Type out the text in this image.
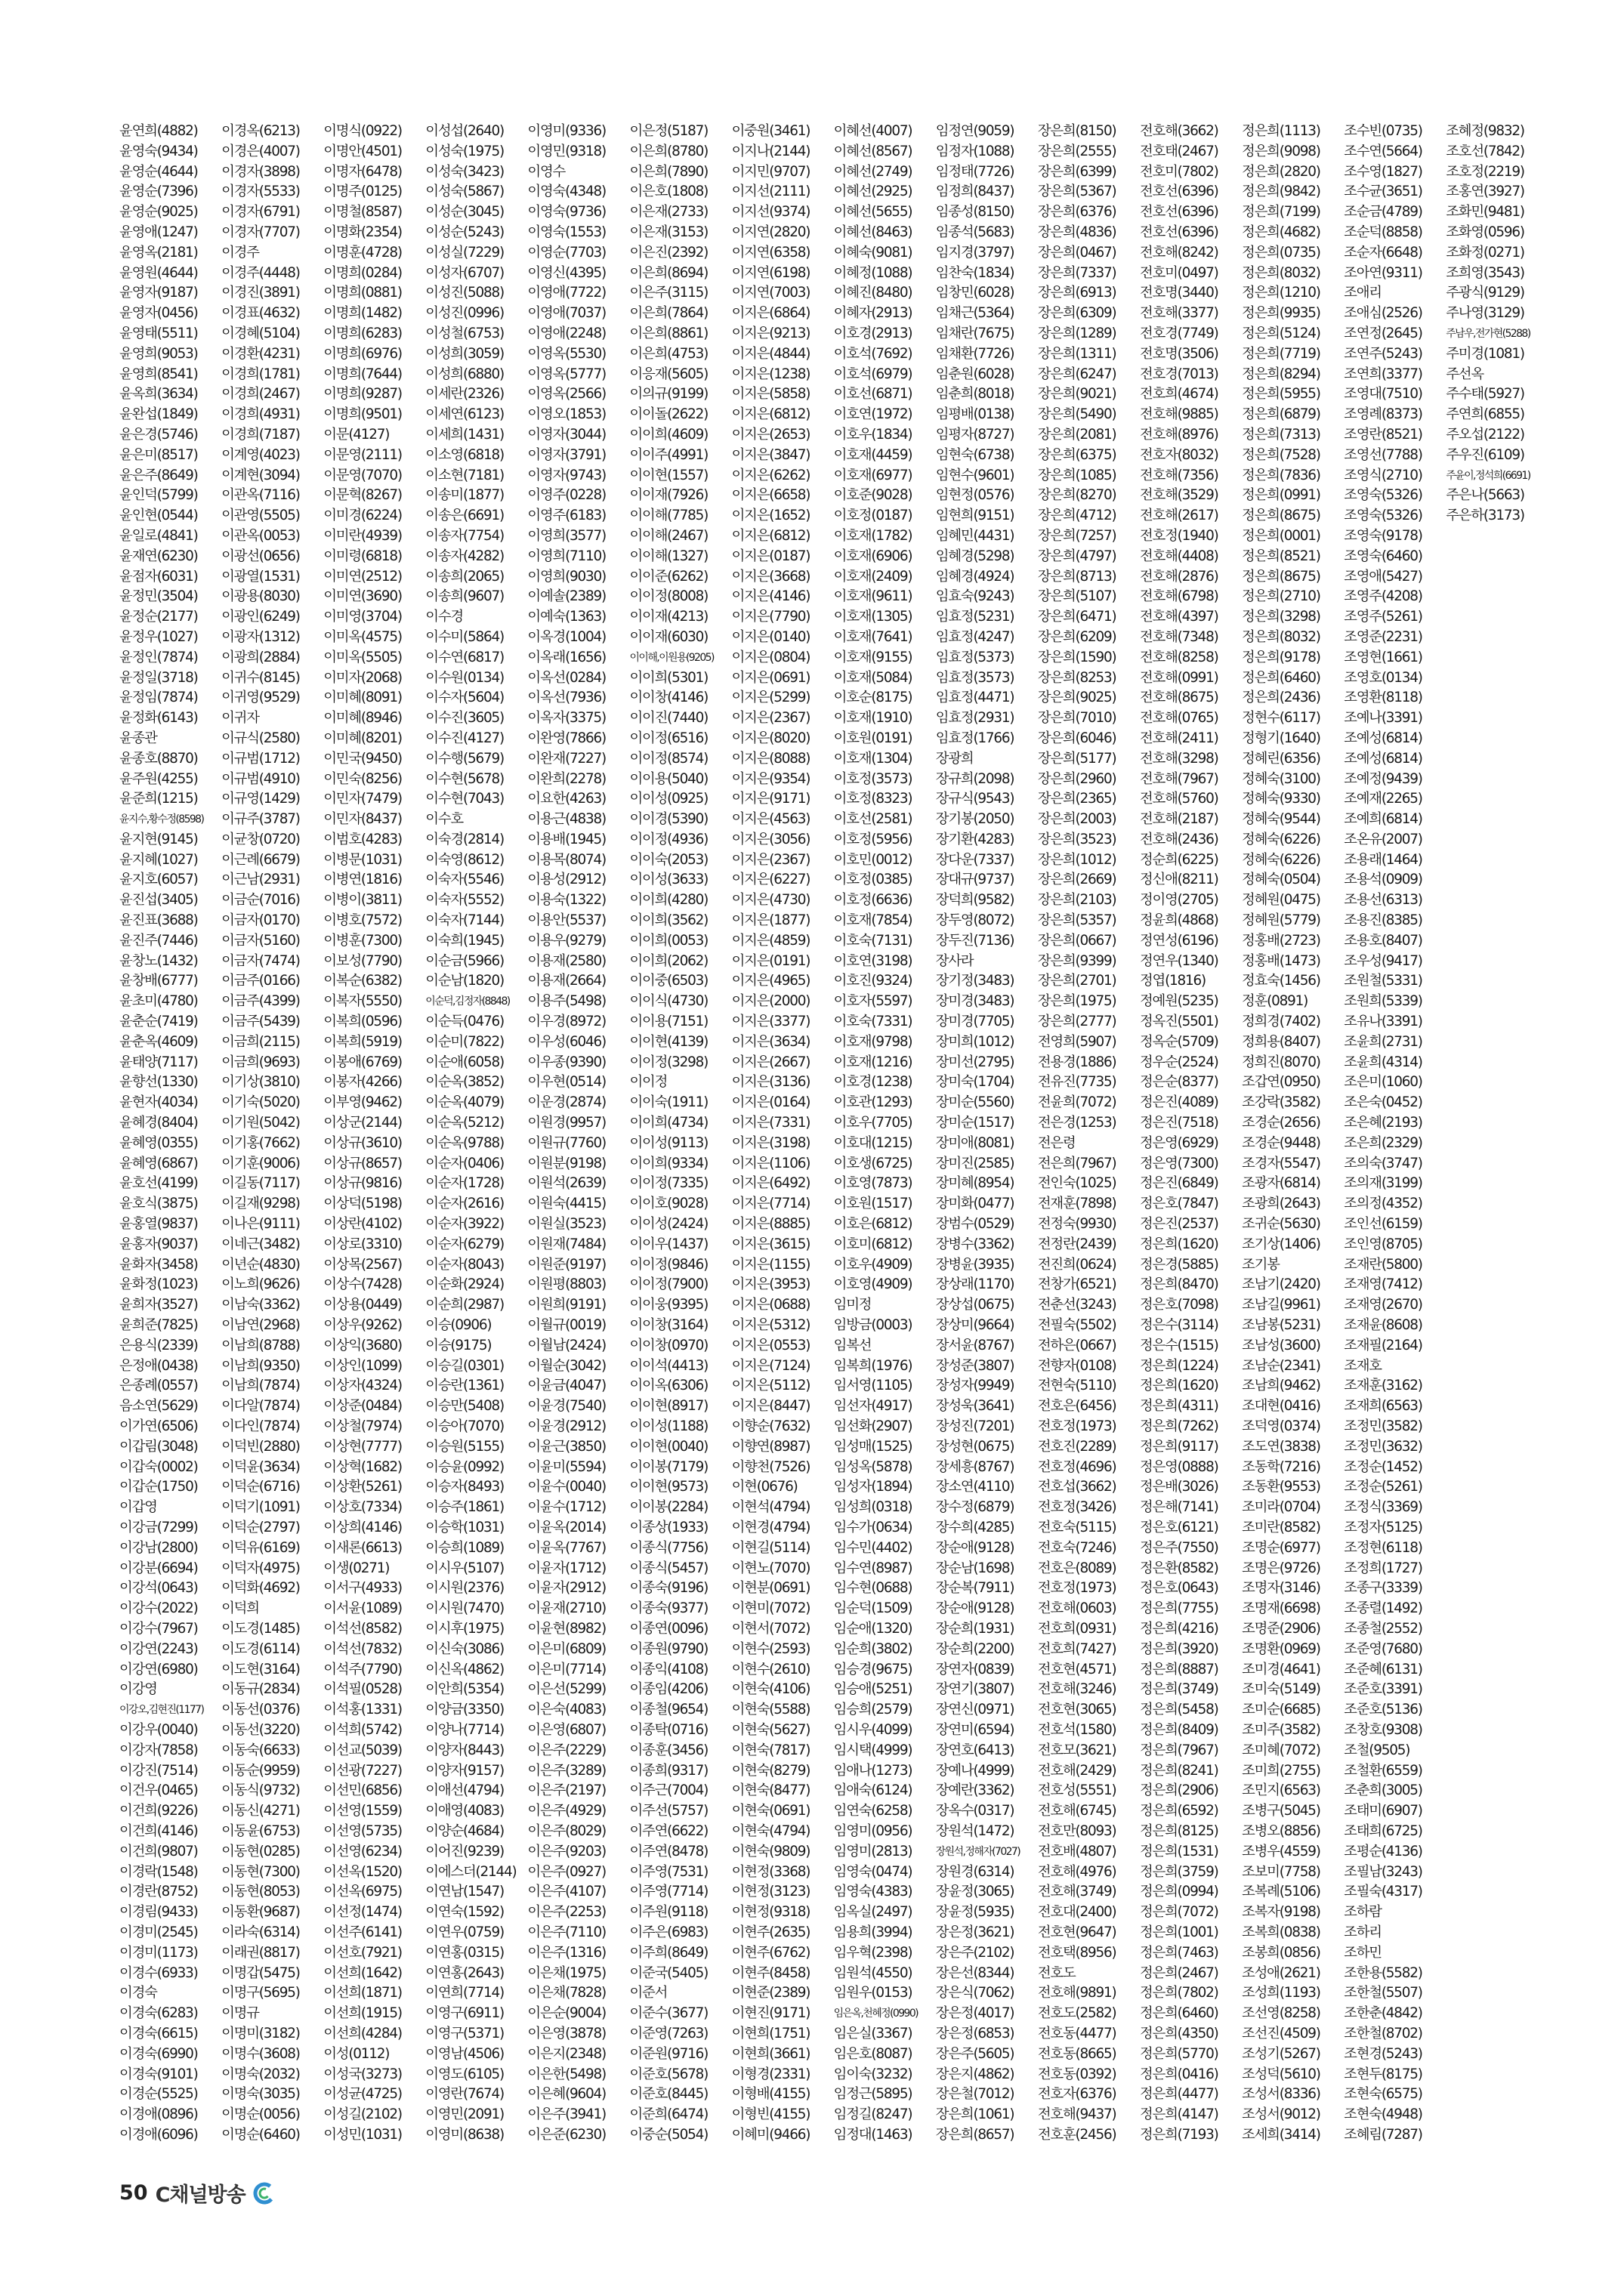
윤연희(4882)
윤영숙(9434)
윤영순(4644)
윤영순(7396)
윤영순(9025)
윤영애(1247)
윤영옥(2181)
윤영원(4644)
윤영자(9187)
윤영자(0456)
윤영태(5511)
윤영희(9053)
윤영희(8541)
윤옥희(3634)
윤완섭(1849)
윤은경(5746)
윤은미(8517)
윤은주(8649)
윤인덕(5799)
윤인현(0544)
윤일로(4841)
윤재연(6230)
윤점자(6031)
윤정민(3504)
윤정순(2177)
윤정우(1027)
윤정인(7874)
윤정일(3718)
윤정임(7874)
윤정화(6143)
윤종관
윤종호(8870)
윤주원(4255)
윤준희(1215)
윤지수,황수정(8598)
윤지현(9145)
윤지혜(1027)
윤지호(6057)
윤진섭(3405)
윤진표(3688)
윤진주(7446)
윤창노(1432)
윤창배(6777)
윤초미(4780)
윤춘순(7419)
윤춘옥(4609)
윤태양(7117)
윤향선(1330)
윤현자(4034)
윤혜경(8404)
윤혜영(0355)
윤혜영(6867)
윤호선(4199)
윤호식(3875)
윤홍열(9837)
윤홍자(9037)
윤화자(3458)
윤화정(1023)
윤희자(3527)
윤희준(7825)
은용식(2339)
은정애(0438)
은종례(0557)
음소연(5629)
이가연(6506)
이갑림(3048)
이갑숙(0002)
이갑순(1750)
이갑영
이강금(7299)
이강남(2800)
이강분(6694)
이강석(0643)
이강수(2022)
이강수(7967)
이강연(2243)
이강연(6980)
이강영
이강오,김현진(1177)
이강우(0040)
이강자(7858)
이강진(7514)
이건우(0465)
이건희(9226)
이건희(4146)
이건희(9807)
이경락(1548)
이경란(8752)
이경림(9433)
이경미(2545)
이경미(1173)
이경수(6933)
이경숙
이경숙(6283)
이경숙(6615)
이경숙(6990)
이경숙(9101)
이경순(5525)
이경애(0896)
이경애(6096)
이경옥(6213)
이경은(4007)
이경자(3898)
이경자(5533)
이경자(6791)
이경자(7707)
이경주
이경주(4448)
이경진(3891)
이경표(4632)
이경혜(5104)
이경환(4231)
이경희(1781)
이경희(2467)
이경희(4931)
이경희(7187)
이계영(4023)
이계현(3094)
이관옥(7116)
이관영(5505)
이관옥(0053)
이광선(0656)
이광열(1531)
이광용(8030)
이광인(6249)
이광자(1312)
이광희(2884)
이귀수(8145)
이귀영(9529)
이귀자
이규식(2580)
이규범(1712)
이규범(4910)
이규영(1429)
이규주(3787)
이균창(0720)
이근례(6679)
이근남(2931)
이금순(7016)
이금자(0170)
이금자(5160)
이금자(7474)
이금주(0166)
이금주(4399)
이금주(5439)
이금희(2115)
이금희(9693)
이기상(3810)
이기숙(5020)
이기원(5042)
이기홍(7662)
이기훈(9006)
이길동(7117)
이길재(9298)
이나은(9111)
이네근(3482)
이년순(4830)
이노희(9626)
이남숙(3362)
이남연(2968)
이남희(8788)
이남희(9350)
이남희(7874)
이다알(7874)
이다인(7874)
이덕빈(2880)
이덕윤(3634)
이덕순(6716)
이덕기(1091)
이덕순(2797)
이덕유(6169)
이덕자(4975)
이덕화(4692)
이덕희
이도경(1485)
이도경(6114)
이도현(3164)
이동규(2834)
이동선(0376)
이동선(3220)
이동숙(6633)
이동순(9959)
이동식(9732)
이동신(4271)
이동윤(6753)
이동현(0285)
이동현(7300)
이동현(8053)
이동환(9687)
이라숙(6314)
이래권(8817)
이명갑(5475)
이명구(5695)
이명규
이명미(3182)
이명수(3608)
이명숙(2032)
이명숙(3035)
이명순(0056)
이명순(6460)
이명식(0922)
이명안(4501)
이명자(6478)
이명주(0125)
이명철(8587)
이명화(2354)
이명훈(4728)
이명희(0284)
이명희(0881)
이명희(1482)
이명희(6283)
이명희(6976)
이명희(7644)
이명희(9287)
이명희(9501)
이문(4127)
이문영(2111)
이문영(7070)
이문혁(8267)
이미경(6224)
이미란(4939)
이미령(6818)
이미연(2512)
이미연(3690)
이미영(3704)
이미옥(4575)
이미옥(5505)
이미자(2068)
이미혜(8091)
이미혜(8946)
이미혜(8201)
이민국(9450)
이민숙(8256)
이민자(7479)
이민자(8437)
이범호(4283)
이병문(1031)
이병연(1816)
이병이(3811)
이병호(7572)
이병훈(7300)
이보성(7790)
이복순(6382)
이복자(5550)
이복희(0596)
이복희(5919)
이봉애(6769)
이봉자(4266)
이부영(9462)
이상군(2144)
이상규(3610)
이상규(8657)
이상규(9816)
이상덕(5198)
이상란(4102)
이상로(3310)
이상목(2567)
이상수(7428)
이상용(0449)
이상우(9262)
이상익(3680)
이상인(1099)
이상자(4324)
이상준(0484)
이상철(7974)
이상현(7777)
이상혁(1682)
이상환(5261)
이상호(7334)
이상희(4146)
이새론(6613)
이생(0271)
이서구(4933)
이서윤(1089)
이석선(8582)
이석선(7832)
이석주(7790)
이석필(0528)
이석홍(1331)
이석희(5742)
이선교(5039)
이선광(7227)
이선민(6856)
이선영(1559)
이선영(5735)
이선영(6234)
이선옥(1520)
이선옥(6975)
이선정(1474)
이선주(6141)
이선호(7921)
이선희(1642)
이선희(1871)
이선희(1915)
이선희(4284)
이성(0112)
이성국(3273)
이성균(4725)
이성길(2102)
이성민(1031)
이성섭(2640)
이성숙(1975)
이성숙(3423)
이성숙(5867)
이성순(3045)
이성순(5243)
이성실(7229)
이성자(6707)
이성진(5088)
이성진(0996)
이성철(6753)
이성희(3059)
이성희(6880)
이세란(2326)
이세연(6123)
이세희(1431)
이소영(6818)
이소현(7181)
이송미(1877)
이송은(6691)
이송자(7754)
이송자(4282)
이송희(2065)
이송희(9607)
이수경
이수미(5864)
이수연(6817)
이수원(0134)
이수자(5604)
이수진(3605)
이수진(4127)
이수행(5679)
이수현(5678)
이수현(7043)
이수호
이숙경(2814)
이숙영(8612)
이숙자(5546)
이숙자(5552)
이숙자(7144)
이숙희(1945)
이순금(5966)
이순남(1820)
이순덕,김정자(8848)
이순득(0476)
이순미(7822)
이순애(6058)
이순옥(3852)
이순옥(4079)
이순옥(5212)
이순옥(9788)
이순자(0406)
이순자(1728)
이순자(2616)
이순자(3922)
이순자(6279)
이순자(8043)
이순화(2924)
이순희(2987)
이승(0906)
이승(9175)
이승길(0301)
이승란(1361)
이승만(5408)
이승아(7070)
이승원(5155)
이승윤(0992)
이승자(8493)
이승주(1861)
이승학(1031)
이승희(1089)
이시우(5107)
이시원(2376)
이시원(7470)
이시후(1975)
이신숙(3086)
이신옥(4862)
이안희(5354)
이양금(3350)
이양나(7714)
이양자(8443)
이양자(9157)
이애선(4794)
이애영(4083)
이양순(4684)
이어진(9239)
이에스더(2144)
이연남(1547)
이연숙(1592)
이연우(0759)
이연홍(0315)
이연홍(2643)
이연희(7714)
이영구(6911)
이영구(5371)
이영남(4506)
이영도(6105)
이영란(7674)
이영민(2091)
이영미(8638)
이영미(9336)
이영민(9318)
이영수
이영숙(4348)
이영숙(9736)
이영숙(1553)
이영순(7703)
이영신(4395)
이영애(7722)
이영애(7037)
이영애(2248)
이영옥(5530)
이영옥(5777)
이영옥(2566)
이영오(1853)
이영자(3044)
이영자(3791)
이영자(9743)
이영주(0228)
이영주(6183)
이영희(3577)
이영희(7110)
이영희(9030)
이예솔(2389)
이예숙(1363)
이옥경(1004)
이옥래(1656)
이옥선(0284)
이옥선(7936)
이옥자(3375)
이완영(7866)
이완재(7227)
이완희(2278)
이요한(4263)
이용근(4838)
이용배(1945)
이용목(8074)
이용성(2912)
이용숙(1322)
이용안(5537)
이용우(9279)
이용재(2580)
이용재(2664)
이용주(5498)
이우경(8972)
이우성(6046)
이우종(9390)
이우현(0514)
이운경(2874)
이원경(9957)
이원규(7760)
이원분(9198)
이원석(2639)
이원숙(4415)
이원실(3523)
이원재(7484)
이원준(9197)
이원평(8803)
이원희(9191)
이월규(0019)
이월남(2424)
이월순(3042)
이윤금(4047)
이윤경(7540)
이윤경(2912)
이윤근(3850)
이윤미(5594)
이윤수(0040)
이윤수(1712)
이윤옥(2014)
이윤옥(7767)
이윤자(1712)
이윤자(2912)
이윤재(2710)
이윤현(8982)
이은미(6809)
이은미(7714)
이은선(5299)
이은숙(4083)
이은영(6807)
이은주(2229)
이은주(3289)
이은주(2197)
이은주(4929)
이은주(8029)
이은주(9203)
이은주(0927)
이은주(4107)
이은주(2253)
이은주(7110)
이은주(1316)
이은채(1975)
이은채(7828)
이은순(9004)
이은영(3878)
이은지(2348)
이은한(5498)
이은혜(9604)
이은주(3941)
이은준(6230)
이은정(5187)
이은희(8780)
이은희(7890)
이은호(1808)
이은재(2733)
이은재(3153)
이은진(2392)
이은희(8694)
이은주(3115)
이은희(7864)
이은희(8861)
이은희(4753)
이응재(5605)
이의규(9199)
이이돌(2622)
이이희(4609)
이이주(4991)
이이현(1557)
이이재(7926)
이이해(7785)
이이해(2467)
이이해(1327)
이이준(6262)
이이정(8008)
이이재(4213)
이이재(6030)
이이해,이원용(9205)
이이희(5301)
이이창(4146)
이이진(7440)
이이정(6516)
이이정(8574)
이이용(5040)
이이성(0925)
이이경(5390)
이이정(4936)
이이숙(2053)
이이성(3633)
이이희(4280)
이이희(3562)
이이희(0053)
이이희(2062)
이이중(6503)
이이식(4730)
이이용(7151)
이이현(4139)
이이정(3298)
이이정
이이숙(1911)
이이희(4734)
이이성(9113)
이이희(9334)
이이정(7335)
이이호(9028)
이이성(2424)
이이우(1437)
이이정(9846)
이이정(7900)
이이웅(9395)
이이창(3164)
이이창(0970)
이이석(4413)
이이옥(6306)
이이현(8917)
이이성(1188)
이이현(0040)
이이봉(7179)
이이현(9573)
이이봉(2284)
이종상(1933)
이종식(7756)
이종식(5457)
이종숙(9196)
이종숙(9377)
이종연(0096)
이종원(9790)
이종익(4108)
이종임(4206)
이종철(9654)
이종탁(0716)
이종훈(3456)
이종희(9317)
이주근(7004)
이주선(5757)
이주연(6622)
이주연(8478)
이주영(7531)
이주영(7714)
이주원(9118)
이주은(6983)
이주희(8649)
이준국(5405)
이준서
이준수(3677)
이준영(7263)
이준원(9716)
이준호(5678)
이준호(8445)
이준희(6474)
이중순(5054)
이중원(3461)
이지나(2144)
이지민(9707)
이지선(2111)
이지선(9374)
이지연(2820)
이지연(6358)
이지연(6198)
이지연(7003)
이지은(6864)
이지은(9213)
이지은(4844)
이지은(1238)
이지은(5858)
이지은(6812)
이지은(2653)
이지은(3847)
이지은(6262)
이지은(6658)
이지은(1652)
이지은(6812)
이지은(0187)
이지은(3668)
이지은(4146)
이지은(7790)
이지은(0140)
이지은(0804)
이지은(0691)
이지은(5299)
이지은(2367)
이지은(8020)
이지은(8088)
이지은(9354)
이지은(9171)
이지은(4563)
이지은(3056)
이지은(2367)
이지은(6227)
이지은(4730)
이지은(1877)
이지은(4859)
이지은(0191)
이지은(4965)
이지은(2000)
이지은(3377)
이지은(3634)
이지은(2667)
이지은(3136)
이지은(0164)
이지은(7331)
이지은(3198)
이지은(1106)
이지은(6492)
이지은(7714)
이지은(8885)
이지은(3615)
이지은(1155)
이지은(3953)
이지은(0688)
이지은(5312)
이지은(0553)
이지은(7124)
이지은(5112)
이지은(8447)
이향순(7632)
이향연(8987)
이향천(7526)
이현(0676)
이현석(4794)
이현경(4794)
이현길(5114)
이현노(7070)
이현분(0691)
이현미(7072)
이현서(7072)
이현수(2593)
이현수(2610)
이현숙(4106)
이현숙(5588)
이현숙(5627)
이현숙(7817)
이현숙(8279)
이현숙(8477)
이현숙(0691)
이현숙(4794)
이현숙(9809)
이현정(3368)
이현정(3123)
이현정(9318)
이현주(2635)
이현주(6762)
이현주(8458)
이현준(2389)
이현진(9171)
이현희(1751)
이현희(3661)
이형경(2331)
이형배(4155)
이형빈(4155)
이혜미(9466)
이혜선(4007)
이혜선(8567)
이혜선(2749)
이혜선(2925)
이혜선(5655)
이혜선(8463)
이혜숙(9081)
이혜정(1088)
이혜진(8480)
이혜자(2913)
이호경(2913)
이호석(7692)
이호석(6979)
이호선(6871)
이호연(1972)
이호우(1834)
이호재(4459)
이호재(6977)
이호준(9028)
이호정(0187)
이호재(1782)
이호재(6906)
이호재(2409)
이호재(9611)
이호재(1305)
이호재(7641)
이호재(9155)
이호재(5084)
이호순(8175)
이호재(1910)
이호원(0191)
이호재(1304)
이호정(3573)
이호정(8323)
이호선(2581)
이호정(5956)
이호민(0012)
이호정(0385)
이호정(6636)
이호재(7854)
이호숙(7131)
이호연(3198)
이호진(9324)
이호자(5597)
이호숙(7331)
이호재(9798)
이호재(1216)
이호경(1238)
이호관(1293)
이호우(7705)
이호대(1215)
이호생(6725)
이호영(7873)
이호원(1517)
이호은(6812)
이호미(6812)
이호우(4909)
이호영(4909)
임미정
임방금(0003)
임복선
임복희(1976)
임서영(1105)
임선자(4917)
임선화(2907)
임성매(1525)
임성옥(5878)
임성자(1894)
임성희(0318)
임수가(0634)
임수민(4402)
임수연(8987)
임수현(0688)
임순덕(1509)
임순애(1320)
임순희(3802)
임승경(9675)
임승애(5251)
임승희(2579)
임시우(4099)
임시택(4999)
임애나(1273)
임애숙(6124)
임연숙(6258)
임영미(0956)
임영미(2813)
임영숙(0474)
임영숙(4383)
임옥실(2497)
임용희(3994)
임우혁(2398)
임원석(4550)
임원우(0153)
임은옥,천혜정(0990)
임은실(3367)
임은호(8087)
임이숙(3232)
임정근(5895)
임정길(8247)
임정대(1463)
임정연(9059)
임정자(1088)
임정태(7726)
임정희(8437)
임종성(8150)
임종석(5683)
임지경(3797)
임찬숙(1834)
임창민(6028)
임채근(5364)
임채란(7675)
임채환(7726)
임춘원(6028)
임춘희(8018)
임평배(0138)
임평자(8727)
임현숙(6738)
임현수(9601)
임현정(0576)
임현희(9151)
임혜민(4431)
임혜경(5298)
임혜경(4924)
임효숙(9243)
임효정(5231)
임효정(4247)
임효정(5373)
임효정(3573)
임효정(4471)
임효정(2931)
임효정(1766)
장광희
장규희(2098)
장규식(9543)
장기봉(2050)
장기환(4283)
장다운(7337)
장대규(9737)
장덕희(9582)
장두영(8072)
장두진(7136)
장사라
장기정(3483)
장미경(3483)
장미경(7705)
장미희(1012)
장미선(2795)
장미숙(1704)
장미순(5560)
장미순(1517)
장미애(8081)
장미진(2585)
장미혜(8954)
장미화(0477)
장범수(0529)
장병수(3362)
장병윤(3935)
장상래(1170)
장상섭(0675)
장상미(9664)
장서윤(8767)
장성준(3807)
장성자(9949)
장성욱(3641)
장성진(7201)
장성현(0675)
장세흥(8767)
장소연(4110)
장수정(6879)
장수희(4285)
장순애(9128)
장순남(1698)
장순복(7911)
장순애(9128)
장순희(1931)
장순희(2200)
장연자(0839)
장연기(3807)
장연신(0971)
장연미(6594)
장연호(6413)
장예나(4999)
장예란(3362)
장옥수(0317)
장원석(1472)
장원석,정해자(7027)
장원경(6314)
장윤정(3065)
장윤정(5935)
장은정(3621)
장은주(2102)
장은선(8344)
장은식(7062)
장은정(4017)
장은정(6853)
장은주(5605)
장은지(4862)
장은철(7012)
장은희(1061)
장은희(8657)
장은희(8150)
장은희(2555)
장은희(6399)
장은희(5367)
장은희(6376)
장은희(4836)
장은희(0467)
장은희(7337)
장은희(6913)
장은희(6309)
장은희(1289)
장은희(1311)
장은희(6247)
장은희(9021)
장은희(5490)
장은희(2081)
장은희(6375)
장은희(1085)
장은희(8270)
장은희(4712)
장은희(7257)
장은희(4797)
장은희(8713)
장은희(5107)
장은희(6471)
장은희(6209)
장은희(1590)
장은희(8253)
장은희(9025)
장은희(7010)
장은희(6046)
장은희(5177)
장은희(2960)
장은희(2365)
장은희(2003)
장은희(3523)
장은희(1012)
장은희(2669)
장은희(2103)
장은희(5357)
장은희(0667)
장은희(9399)
장은희(2701)
장은희(1975)
장은희(2777)
전영희(5907)
전용경(1886)
전유진(7735)
전윤희(7072)
전은경(1253)
전은령
전은희(7967)
전인숙(1025)
전재훈(7898)
전정숙(9930)
전정란(2439)
전진희(0624)
전창가(6521)
전춘선(3243)
전필숙(5502)
전하은(0667)
전향자(0108)
전현숙(5110)
전호은(6456)
전호정(1973)
전호진(2289)
전호정(4696)
전호섭(3662)
전호정(3426)
전호숙(5115)
전호숙(7246)
전호은(8089)
전호정(1973)
전호해(0603)
전호희(0931)
전호희(7427)
전호현(4571)
전호해(3246)
전호현(3065)
전호석(1580)
전호모(3621)
전호해(2429)
전호성(5551)
전호해(6745)
전호만(8093)
전호배(4807)
전호해(4976)
전호해(3749)
전호대(2400)
전호현(9647)
전호택(8956)
전호도
전호해(9891)
전호도(2582)
전호동(4477)
전호동(8665)
전호동(0392)
전호자(6376)
전호해(9437)
전호훈(2456)
전호해(3662)
전호태(2467)
전호미(7802)
전호선(6396)
전호선(6396)
전호선(6396)
전호해(8242)
전호미(0497)
전호명(3440)
전호해(3377)
전호경(7749)
전호명(3506)
전호경(7013)
전호희(4674)
전호해(9885)
전호해(8976)
전호자(8032)
전호해(7356)
전호해(3529)
전호해(2617)
전호정(1940)
전호해(4408)
전호해(2876)
전호해(6798)
전호해(4397)
전호해(7348)
전호해(8258)
전호해(0991)
전호해(8675)
전호해(0765)
전호해(2411)
전호해(3298)
전호해(7967)
전호해(5760)
전호해(2187)
전호해(2436)
정순희(6225)
정신애(8211)
정이영(2705)
정윤희(4868)
정연성(6196)
정연우(1340)
정엽(1816)
정예원(5235)
정옥진(5501)
정옥순(5709)
정우순(2524)
정은순(8377)
정은진(4089)
정은진(7518)
정은영(6929)
정은영(7300)
정은진(6849)
정은호(7847)
정은진(2537)
정은희(1620)
정은경(5885)
정은희(8470)
정은호(7098)
정은수(3114)
정은수(1515)
정은희(1224)
정은희(1620)
정은희(4311)
정은희(7262)
정은희(9117)
정은영(0888)
정은배(3026)
정은해(7141)
정은호(6121)
정은주(7550)
정은환(8582)
정은호(0643)
정은희(7755)
정은희(4216)
정은희(3920)
정은희(8887)
정은희(3749)
정은희(5458)
정은희(8409)
정은희(7967)
정은희(8241)
정은희(2906)
정은희(6592)
정은희(8125)
정은희(1531)
정은희(3759)
정은희(0994)
정은희(7072)
정은희(1001)
정은희(7463)
정은희(2467)
정은희(7802)
정은희(6460)
정은희(4350)
정은희(5770)
정은희(0416)
정은희(4477)
정은희(4147)
정은희(7193)
정은희(1113)
정은희(9098)
정은희(2820)
정은희(9842)
정은희(7199)
정은희(4682)
정은희(0735)
정은희(8032)
정은희(1210)
정은희(9935)
정은희(5124)
정은희(7719)
정은희(8294)
정은희(5955)
정은희(6879)
정은희(7313)
정은희(7528)
정은희(7836)
정은희(0991)
정은희(8675)
정은희(0001)
정은희(8521)
정은희(8675)
정은희(2710)
정은희(3298)
정은희(8032)
정은희(9178)
정은희(6460)
정은희(2436)
정현수(6117)
정형기(1640)
정혜린(6356)
정혜숙(3100)
정혜숙(9330)
정혜숙(9544)
정혜숙(6226)
정혜숙(6226)
정혜숙(0504)
정혜원(0475)
정혜원(5779)
정홍배(2723)
정홍배(1473)
정효숙(1456)
정훈(0891)
정희경(7402)
정희용(8407)
정희진(8070)
조갑연(0950)
조강락(3582)
조경순(2656)
조경순(9448)
조경자(5547)
조광자(6814)
조광희(2643)
조귀순(5630)
조기상(1406)
조기봉
조남기(2420)
조남길(9961)
조남봉(5231)
조남성(3600)
조남순(2341)
조남희(9462)
조대현(0416)
조덕영(0374)
조도연(3838)
조동학(7216)
조동환(9553)
조미라(0704)
조미란(8582)
조명순(6977)
조명은(9726)
조명자(3146)
조명재(6698)
조명준(2906)
조명환(0969)
조미경(4641)
조미숙(5149)
조미순(6685)
조미주(3582)
조미혜(7072)
조미희(2755)
조민지(6563)
조병구(5045)
조병오(8856)
조병우(4559)
조보미(7758)
조복례(5106)
조복자(9198)
조복희(0838)
조봉희(0856)
조성애(2621)
조성희(1193)
조선영(8258)
조선진(4509)
조성기(5267)
조성덕(5610)
조성서(8336)
조성서(9012)
조세희(3414)
조수빈(0735)
조수연(5664)
조수영(1827)
조수균(3651)
조순금(4789)
조순덕(8858)
조순자(6648)
조아연(9311)
조애리
조애심(2526)
조연정(2645)
조연주(5243)
조연희(3377)
조영대(7510)
조영례(8373)
조영란(8521)
조영선(7788)
조영식(2710)
조영숙(5326)
조영숙(5326)
조영숙(9178)
조영숙(6460)
조영애(5427)
조영주(4208)
조영주(5261)
조영준(2231)
조영현(1661)
조영호(0134)
조영환(8118)
조예나(3391)
조예성(6814)
조예성(6814)
조예정(9439)
조예재(2265)
조예희(6814)
조온유(2007)
조용래(1464)
조용석(0909)
조용선(6313)
조용진(8385)
조용호(8407)
조우성(9417)
조원철(5331)
조원희(5339)
조유나(3391)
조윤희(2731)
조윤희(4314)
조은미(1060)
조은숙(0452)
조은혜(2193)
조은희(2329)
조의숙(3747)
조의재(3199)
조의정(4352)
조인선(6159)
조인영(8705)
조재란(5800)
조재영(7412)
조재영(2670)
조재윤(8608)
조재필(2164)
조재호
조재훈(3162)
조재희(6563)
조정민(3582)
조정민(3632)
조정순(1452)
조정순(5261)
조정식(3369)
조정자(5125)
조정현(6118)
조정희(1727)
조종구(3339)
조종렬(1492)
조종철(2552)
조준영(7680)
조준혜(6131)
조준호(3391)
조준호(5136)
조창호(9308)
조철(9505)
조철환(6559)
조춘희(3005)
조태미(6907)
조태희(6725)
조평순(4136)
조필남(3243)
조필숙(4317)
조하람
조하리
조하민
조한용(5582)
조한철(5507)
조한춘(4842)
조한철(8702)
조현경(5243)
조현두(8175)
조현숙(6575)
조현숙(4948)
조혜림(7287)
조혜정(9832)
조호선(7842)
조호정(2219)
조홍연(3927)
조화민(9481)
조화영(0596)
조화정(0271)
조희영(3543)
주광식(9129)
주나영(3129)
주남우,전가현(5288)
주미경(1081)
주선옥
주수태(5927)
주연희(6855)
주오섭(2122)
주우진(6109)
주윤이,정석희(6691)
주은나(5663)
주은하(3173)
50 C채널방송
